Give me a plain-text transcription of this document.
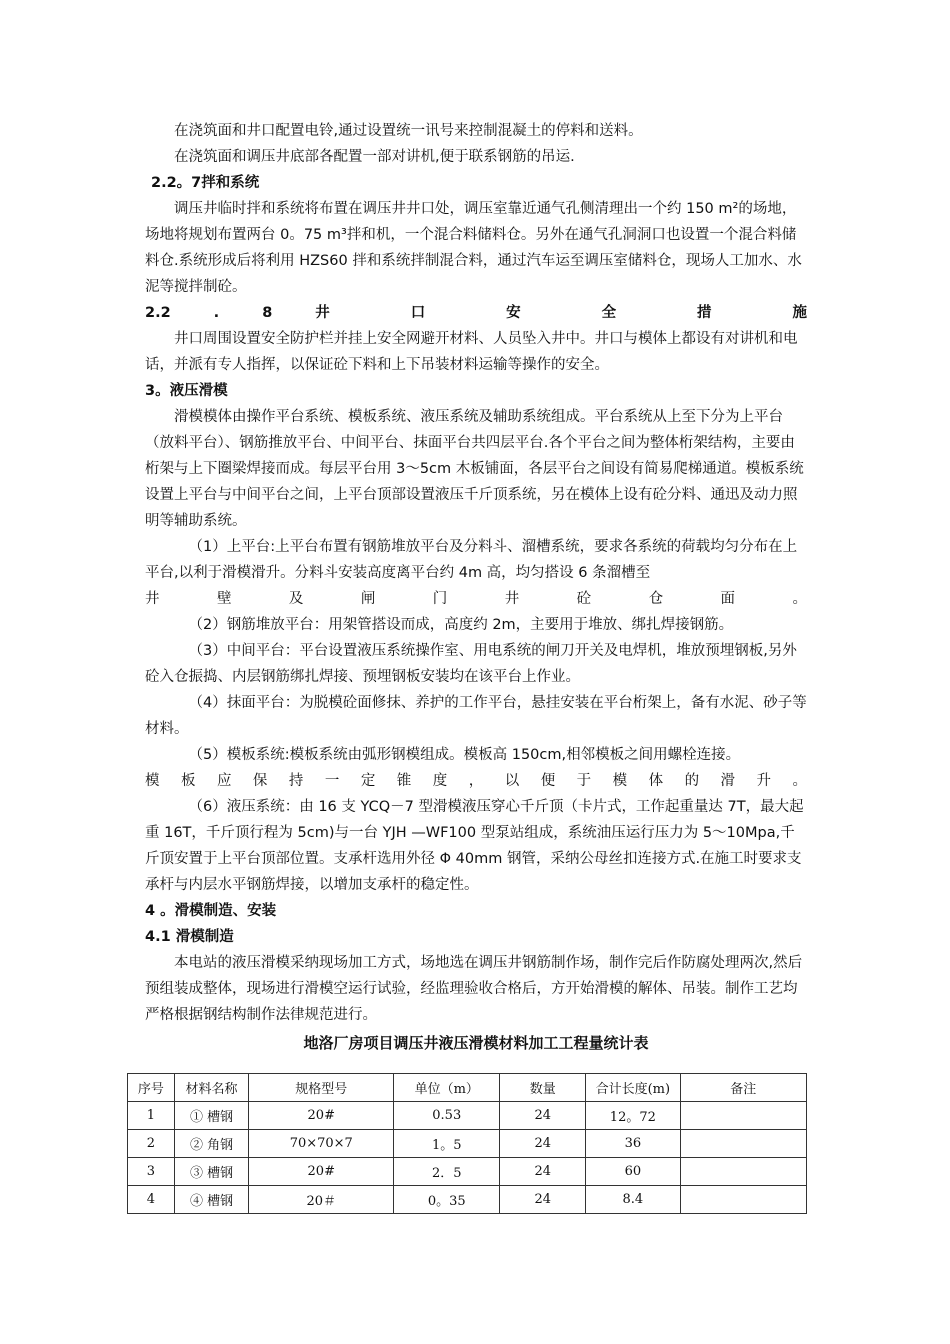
在浇筑面和井口配置电铃,通过设置统一讯号来控制混凝土的停料和送料。

在浇筑面和调压井底部各配置一部对讲机,便于联系钢筋的吊运.

2.2。7拌和系统

调压井临时拌和系统将布置在调压井井口处，调压室靠近通气孔侧清理出一个约 150 m²的场地，场地将规划布置两台 0。75 m³拌和机，一个混合料储料仓。另外在通气孔洞洞口也设置一个混合料储料仓.系统形成后将利用 HZS60 拌和系统拌制混合料，通过汽车运至调压室储料仓，现场人工加水、水泥等搅拌制砼。

2.2 . 8 井 口 安 全 措 施

井口周围设置安全防护栏并挂上安全网避开材料、人员坠入井中。井口与模体上都设有对讲机和电话，并派有专人指挥，以保证砼下料和上下吊装材料运输等操作的安全。

3。液压滑模

滑模模体由操作平台系统、模板系统、液压系统及辅助系统组成。平台系统从上至下分为上平台（放料平台）、钢筋推放平台、中间平台、抹面平台共四层平台.各个平台之间为整体桁架结构，主要由桁架与上下圈梁焊接而成。每层平台用 3～5cm 木板铺面，各层平台之间设有简易爬梯通道。模板系统设置上平台与中间平台之间，上平台顶部设置液压千斤顶系统，另在模体上设有砼分料、通迅及动力照明等辅助系统。

（1）上平台:上平台布置有钢筋堆放平台及分料斗、溜槽系统，要求各系统的荷载均匀分布在上平台,以利于滑模滑升。分料斗安装高度离平台约 4m 高，均匀搭设 6 条溜槽至

井 壁 及 闸 门 井 砼 仓 面 。

（2）钢筋堆放平台：用架管搭设而成，高度约 2m，主要用于堆放、绑扎焊接钢筋。

（3）中间平台：平台设置液压系统操作室、用电系统的闸刀开关及电焊机，堆放预埋钢板,另外砼入仓振捣、内层钢筋绑扎焊接、预埋钢板安装均在该平台上作业。

（4）抹面平台：为脱模砼面修抹、养护的工作平台，悬挂安装在平台桁架上，备有水泥、砂子等材料。

（5）模板系统:模板系统由弧形钢模组成。模板高 150cm,相邻模板之间用螺栓连接。

模 板 应 保 持 一 定 锥 度 ， 以 便 于 模 体 的 滑 升 。

（6）液压系统：由 16 支 YCQ－7 型滑模液压穿心千斤顶（卡片式，工作起重量达 7T，最大起重 16T，千斤顶行程为 5cm)与一台 YJH —WF100 型泵站组成，系统油压运行压力为 5～10Mpa,千斤顶安置于上平台顶部位置。支承杆选用外径 Φ 40mm 钢管，采纳公母丝扣连接方式.在施工时要求支承杆与内层水平钢筋焊接，以增加支承杆的稳定性。

4 。滑模制造、安装
4.1 滑模制造

本电站的液压滑模采纳现场加工方式，场地选在调压井钢筋制作场，制作完后作防腐处理两次,然后预组装成整体，现场进行滑模空运行试验，经监理验收合格后，方开始滑模的解体、吊装。制作工艺均严格根据钢结构制作法律规范进行。

地洛厂房项目调压井液压滑模材料加工工程量统计表
序号	材料名称	规格型号	单位（m）	数量	合计长度(m)	备注
1	① 槽钢	20#	0.53	24	12。72	
2	② 角钢	70×70×7	1。5	24	36	
3	③ 槽钢	20#	2．5	24	60	
4	④ 槽钢	20＃	0。35	24	8.4	
